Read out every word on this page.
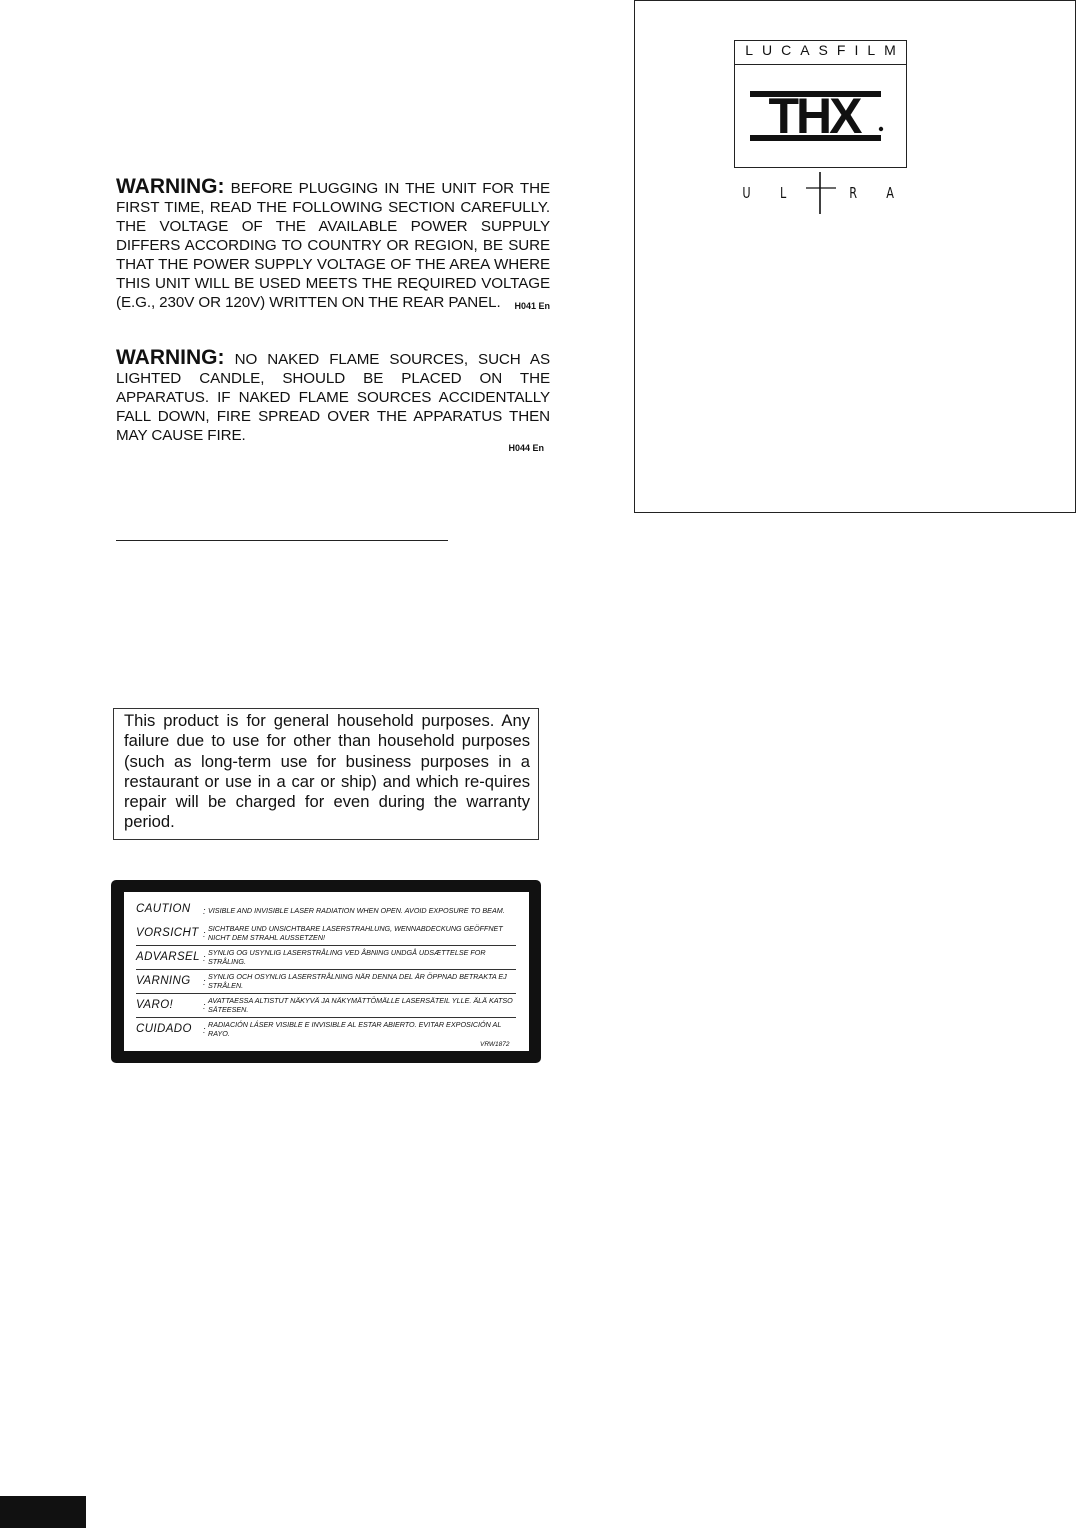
WARNING: BEFORE PLUGGING IN THE UNIT FOR THE FIRST TIME, READ THE FOLLOWING SECTION CAREFULLY. THE VOLTAGE OF THE AVAILABLE POWER SUPPULY DIFFERS ACCORDING TO COUNTRY OR REGION, BE SURE THAT THE POWER SUPPLY VOLTAGE OF THE AREA WHERE THIS UNIT WILL BE USED MEETS THE REQUIRED VOLTAGE (E.G., 230V OR 120V) WRITTEN ON THE REAR PANEL.	H041 En
WARNING: NO NAKED FLAME SOURCES, SUCH AS LIGHTED CANDLE, SHOULD BE PLACED ON THE APPARATUS. IF NAKED FLAME SOURCES ACCIDENTALLY FALL DOWN, FIRE SPREAD OVER THE APPARATUS THEN MAY CAUSE FIRE.
H044 En
This product is for general household purposes. Any failure due to use for other than household purposes (such as long-term use for business purposes in a restaurant or use in a car or ship) and which re-quires repair will be charged for even during the warranty period.
CAUTION : VISIBLE AND INVISIBLE LASER RADIATION WHEN OPEN. AVOID EXPOSURE TO BEAM.
VORSICHT :
SICHTBARE UND UNSICHTBARE LASERSTRAHLUNG, WENNABDECKUNG GEÖFFNET NICHT DEM STRAHL AUSSETZEN!
ADVARSEL :
SYNLIG OG USYNLIG LASERSTRÅLING VED ÅBNING UNDGÅ UDSÆTTELSE FOR STRÅLING.
VARNING :
SYNLIG OCH OSYNLIG LASERSTRÅLNING NÄR DENNA DEL ÄR ÖPPNAD BETRAKTA EJ STRÅLEN.
VARO!	:
AVATTAESSA ALTISTUT NÄKYVÄ JA NÄKYMÄTTÖMÄLLE LASERSÄTEIL YLLE. ÄLÄ KATSO SÄTEESEN.
CUIDADO :
RADIACIÓN LÁSER VISIBLE E INVISIBLE AL ESTAR ABIERTO. EVITAR EXPOSICIÓN AL RAYO.
VRW1872
LUCASFILM
THX
U L	R A
